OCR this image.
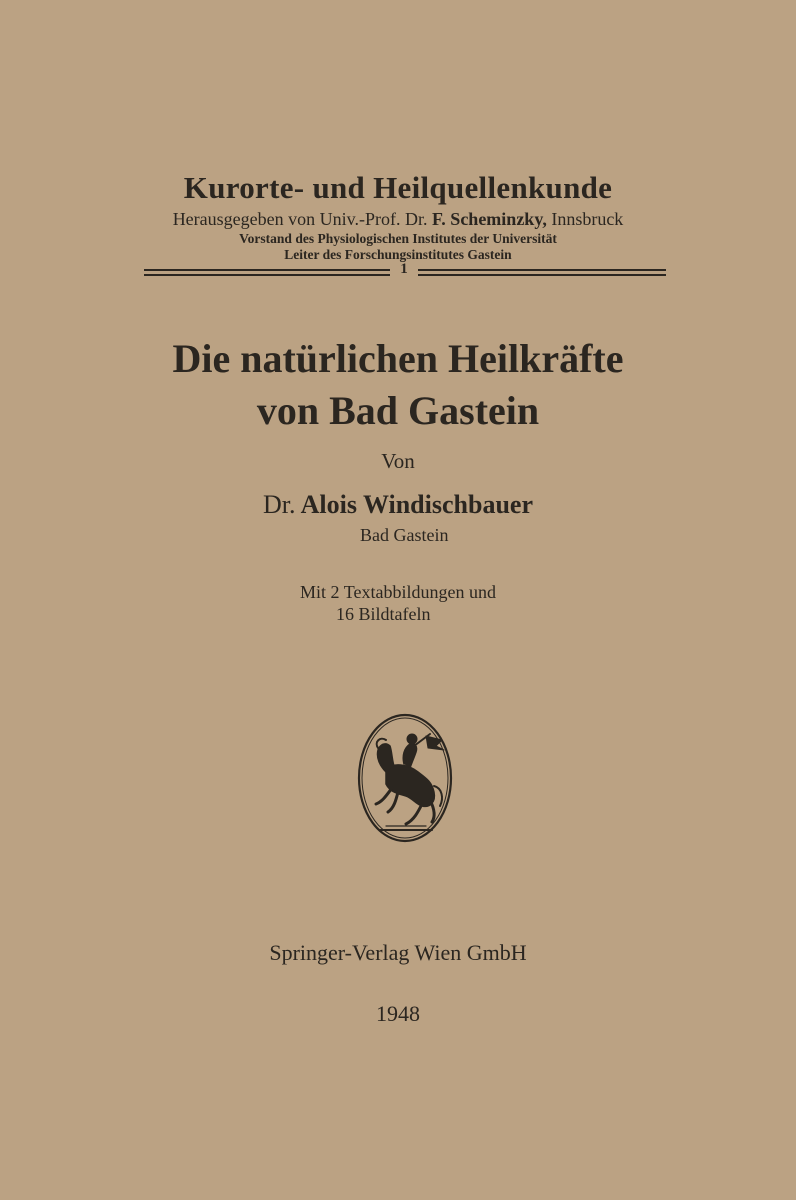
Kurorte- und Heilquellenkunde
Herausgegeben von Univ.-Prof. Dr. F. Scheminzky, Innsbruck
Vorstand des Physiologischen Institutes der Universität
Leiter des Forschungsinstitutes Gastein
1
Die natürlichen Heilkräfte
von Bad Gastein
Von
Dr. Alois Windischbauer
Bad Gastein
Mit 2 Textabbildungen und
16 Bildtafeln
Springer-Verlag Wien GmbH
1948
